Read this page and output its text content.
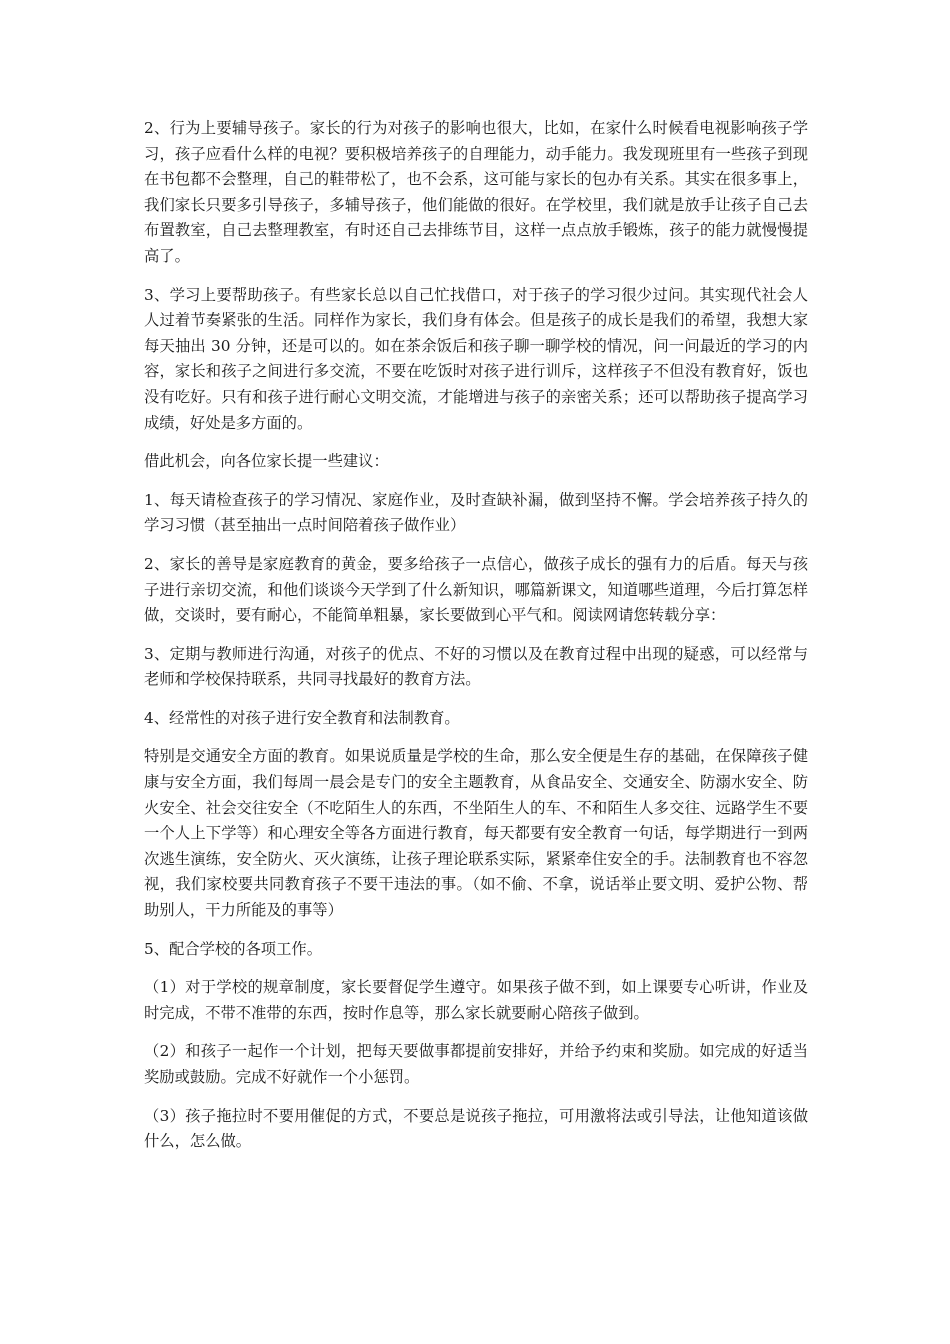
2、行为上要辅导孩子。家长的行为对孩子的影响也很大，比如，在家什么时候看电视影响孩子学习，孩子应看什么样的电视？要积极培养孩子的自理能力，动手能力。我发现班里有一些孩子到现在书包都不会整理，自己的鞋带松了，也不会系，这可能与家长的包办有关系。其实在很多事上，我们家长只要多引导孩子，多辅导孩子，他们能做的很好。在学校里，我们就是放手让孩子自己去布置教室，自己去整理教室，有时还自己去排练节目，这样一点点放手锻炼，孩子的能力就慢慢提高了。

3、学习上要帮助孩子。有些家长总以自己忙找借口，对于孩子的学习很少过问。其实现代社会人人过着节奏紧张的生活。同样作为家长，我们身有体会。但是孩子的成长是我们的希望，我想大家每天抽出 30 分钟，还是可以的。如在茶余饭后和孩子聊一聊学校的情况，问一问最近的学习的内容，家长和孩子之间进行多交流，不要在吃饭时对孩子进行训斥，这样孩子不但没有教育好，饭也没有吃好。只有和孩子进行耐心文明交流，才能增进与孩子的亲密关系；还可以帮助孩子提高学习成绩，好处是多方面的。

借此机会，向各位家长提一些建议：

1、每天请检查孩子的学习情况、家庭作业，及时查缺补漏，做到坚持不懈。学会培养孩子持久的学习习惯（甚至抽出一点时间陪着孩子做作业）

2、家长的善导是家庭教育的黄金，要多给孩子一点信心，做孩子成长的强有力的后盾。每天与孩子进行亲切交流，和他们谈谈今天学到了什么新知识，哪篇新课文，知道哪些道理，今后打算怎样做，交谈时，要有耐心，不能简单粗暴，家长要做到心平气和。阅读网请您转载分享：

3、定期与教师进行沟通，对孩子的优点、不好的习惯以及在教育过程中出现的疑惑，可以经常与老师和学校保持联系，共同寻找最好的教育方法。

4、经常性的对孩子进行安全教育和法制教育。

特别是交通安全方面的教育。如果说质量是学校的生命，那么安全便是生存的基础，在保障孩子健康与安全方面，我们每周一晨会是专门的安全主题教育，从食品安全、交通安全、防溺水安全、防火安全、社会交往安全（不吃陌生人的东西，不坐陌生人的车、不和陌生人多交往、远路学生不要一个人上下学等）和心理安全等各方面进行教育，每天都要有安全教育一句话，每学期进行一到两次逃生演练，安全防火、灭火演练，让孩子理论联系实际，紧紧牵住安全的手。法制教育也不容忽视，我们家校要共同教育孩子不要干违法的事。（如不偷、不拿，说话举止要文明、爱护公物、帮助别人，干力所能及的事等）

5、配合学校的各项工作。

（1）对于学校的规章制度，家长要督促学生遵守。如果孩子做不到，如上课要专心听讲，作业及时完成，不带不准带的东西，按时作息等，那么家长就要耐心陪孩子做到。

（2）和孩子一起作一个计划，把每天要做事都提前安排好，并给予约束和奖励。如完成的好适当奖励或鼓励。完成不好就作一个小惩罚。

（3）孩子拖拉时不要用催促的方式，不要总是说孩子拖拉，可用激将法或引导法，让他知道该做什么，怎么做。
